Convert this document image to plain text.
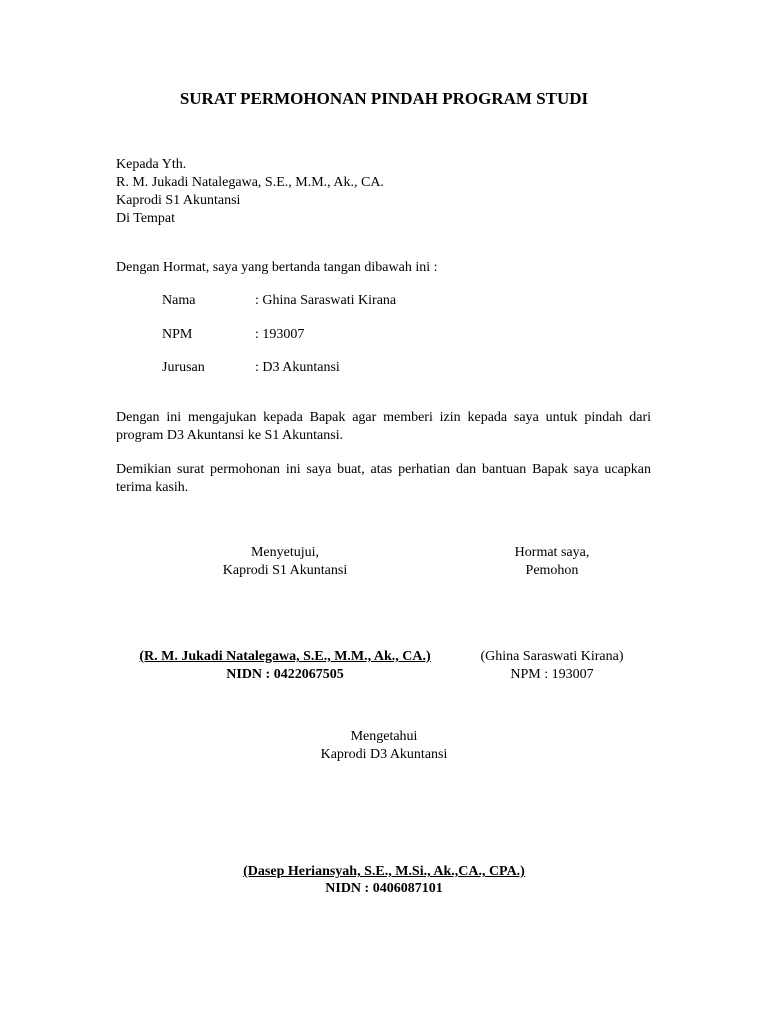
SURAT PERMOHONAN PINDAH PROGRAM STUDI
Kepada Yth.
R. M. Jukadi Natalegawa, S.E., M.M., Ak., CA.
Kaprodi S1 Akuntansi
Di Tempat
Dengan Hormat, saya yang bertanda tangan dibawah ini :
Nama	: Ghina Saraswati Kirana
NPM	: 193007
Jurusan	: D3 Akuntansi
Dengan ini mengajukan kepada Bapak agar memberi izin kepada saya untuk pindah dari program D3 Akuntansi ke S1 Akuntansi.
Demikian surat permohonan ini saya buat, atas perhatian dan bantuan Bapak saya ucapkan terima kasih.
Menyetujui,
Kaprodi S1 Akuntansi
(R. M. Jukadi Natalegawa, S.E., M.M., Ak., CA.)
NIDN : 0422067505
Hormat saya,
Pemohon
(Ghina Saraswati Kirana)
NPM : 193007
Mengetahui
Kaprodi D3 Akuntansi
(Dasep Heriansyah, S.E., M.Si., Ak.,CA., CPA.)
NIDN : 0406087101
